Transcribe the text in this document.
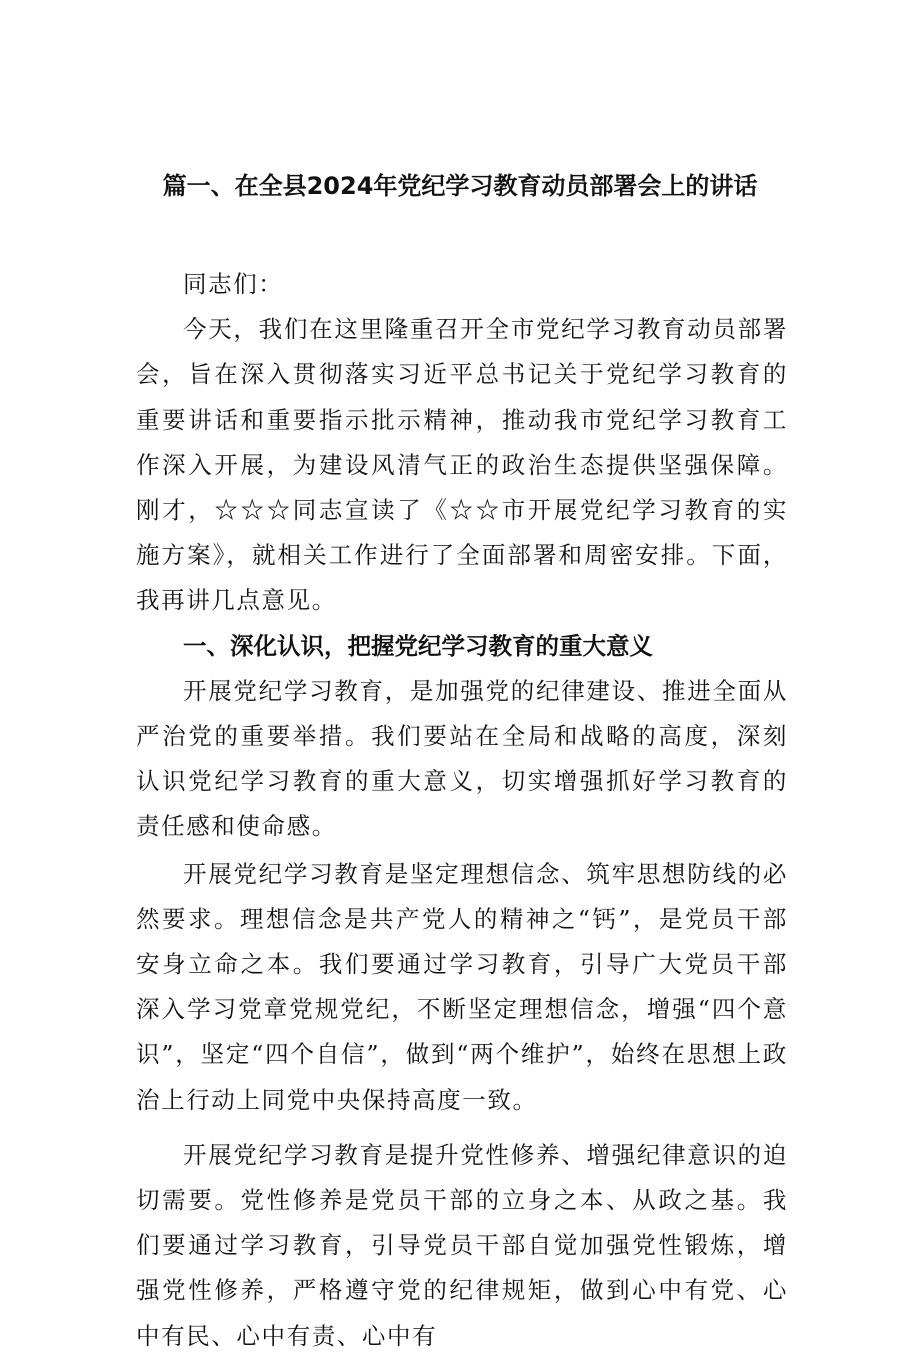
篇一、在全县2024年党纪学习教育动员部署会上的讲话

同志们：

今天，我们在这里隆重召开全市党纪学习教育动员部署会，旨在深入贯彻落实习近平总书记关于党纪学习教育的重要讲话和重要指示批示精神，推动我市党纪学习教育工作深入开展，为建设风清气正的政治生态提供坚强保障。刚才，☆☆☆同志宣读了《☆☆市开展党纪学习教育的实施方案》，就相关工作进行了全面部署和周密安排。下面，我再讲几点意见。

一、深化认识，把握党纪学习教育的重大意义

开展党纪学习教育，是加强党的纪律建设、推进全面从严治党的重要举措。我们要站在全局和战略的高度，深刻认识党纪学习教育的重大意义，切实增强抓好学习教育的责任感和使命感。

开展党纪学习教育是坚定理想信念、筑牢思想防线的必然要求。理想信念是共产党人的精神之“钙”，是党员干部安身立命之本。我们要通过学习教育，引导广大党员干部深入学习党章党规党纪，不断坚定理想信念，增强“四个意识”，坚定“四个自信”，做到“两个维护”，始终在思想上政治上行动上同党中央保持高度一致。

开展党纪学习教育是提升党性修养、增强纪律意识的迫切需要。党性修养是党员干部的立身之本、从政之基。我们要通过学习教育，引导党员干部自觉加强党性锻炼，增强党性修养，严格遵守党的纪律规矩，做到心中有党、心中有民、心中有责、心中有
